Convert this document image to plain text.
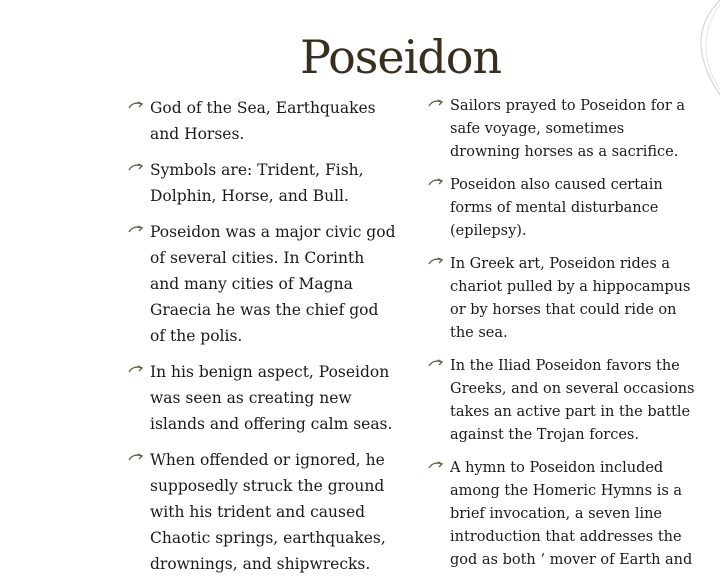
Poseidon
God of the Sea, Earthquakes and Horses.
Symbols are: Trident, Fish, Dolphin, Horse, and Bull.
Poseidon was a major civic god of several cities. In Corinth and many cities of Magna Graecia he was the chief god of the polis.
In his benign aspect, Poseidon was seen as creating new islands and offering calm seas.
When offended or ignored, he supposedly struck the ground with his trident and caused Chaotic springs, earthquakes, drownings, and shipwrecks.
Sailors prayed to Poseidon for a safe voyage, sometimes drowning horses as a sacrifice.
Poseidon also caused certain forms of mental disturbance (epilepsy).
In Greek art, Poseidon rides a chariot pulled by a hippocampus or by horses that could ride on the sea.
In the Iliad Poseidon favors the Greeks, and on several occasions takes an active part in the battle against the Trojan forces.
A hymn to Poseidon included among the Homeric Hymns is a brief invocation, a seven line introduction that addresses the god as both ‘ mover of Earth and
